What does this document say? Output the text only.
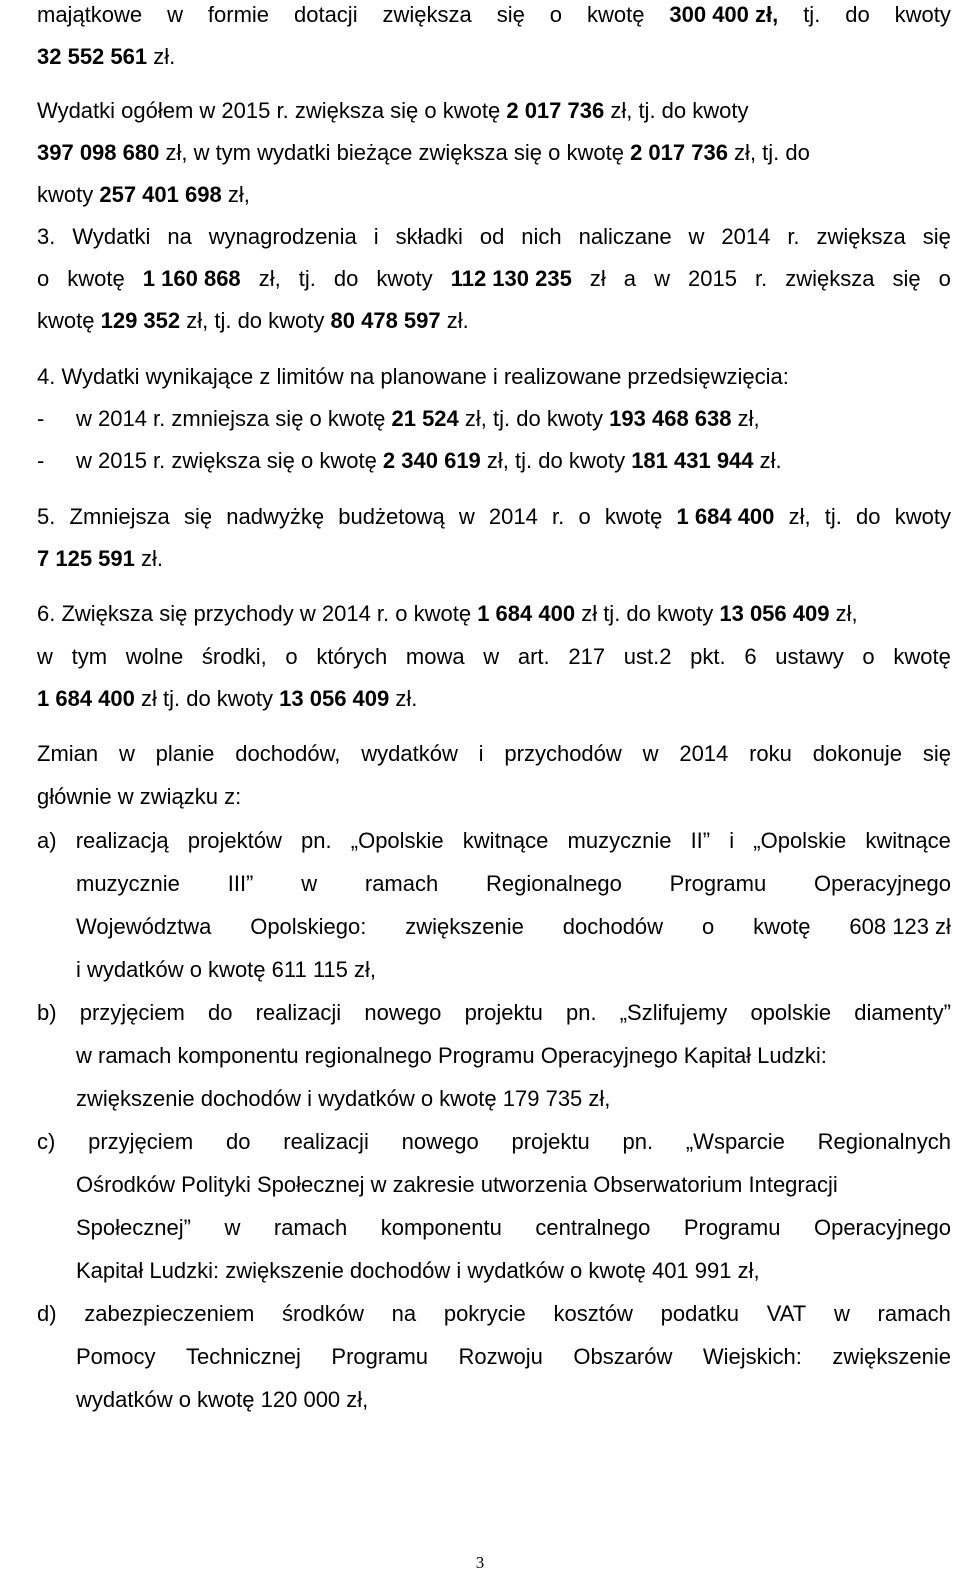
majątkowe w formie dotacji zwiększa się o kwotę 300 400 zł, tj. do kwoty
32 552 561 zł.
Wydatki ogółem w 2015 r. zwiększa się o kwotę 2 017 736 zł, tj. do kwoty
397 098 680 zł, w tym wydatki bieżące zwiększa się o kwotę 2 017 736 zł, tj. do
kwoty 257 401 698 zł,
3. Wydatki na wynagrodzenia i składki od nich naliczane w 2014 r. zwiększa się
o kwotę 1 160 868 zł, tj. do kwoty 112 130 235 zł a w 2015 r. zwiększa się o
kwotę 129 352 zł, tj. do kwoty 80 478 597 zł.
4. Wydatki wynikające z limitów na planowane i realizowane przedsięwzięcia:
- w 2014 r. zmniejsza się o kwotę 21 524 zł, tj. do kwoty 193 468 638 zł,
- w 2015 r. zwiększa się o kwotę 2 340 619 zł, tj. do kwoty 181 431 944 zł.
5. Zmniejsza się nadwyżkę budżetową w 2014 r. o kwotę 1 684 400 zł, tj. do kwoty
7 125 591 zł.
6. Zwiększa się przychody w 2014 r. o kwotę 1 684 400 zł tj. do kwoty 13 056 409 zł,
w tym wolne środki, o których mowa w art. 217 ust.2 pkt. 6 ustawy o kwotę
1 684 400 zł tj. do kwoty 13 056 409 zł.
Zmian w planie dochodów, wydatków i przychodów w 2014 roku dokonuje się
głównie w związku z:
a) realizacją projektów pn. „Opolskie kwitnące muzycznie II” i „Opolskie kwitnące
muzycznie III” w ramach Regionalnego Programu Operacyjnego
Województwa Opolskiego: zwiększenie dochodów o kwotę 608 123 zł
i wydatków o kwotę 611 115 zł,
b) przyjęciem do realizacji nowego projektu pn. „Szlifujemy opolskie diamenty”
w ramach komponentu regionalnego Programu Operacyjnego Kapitał Ludzki:
zwiększenie dochodów i wydatków o kwotę 179 735 zł,
c) przyjęciem do realizacji nowego projektu pn. „Wsparcie Regionalnych
Ośrodków Polityki Społecznej w zakresie utworzenia Obserwatorium Integracji
Społecznej” w ramach komponentu centralnego Programu Operacyjnego
Kapitał Ludzki: zwiększenie dochodów i wydatków o kwotę 401 991 zł,
d) zabezpieczeniem środków na pokrycie kosztów podatku VAT w ramach
Pomocy Technicznej Programu Rozwoju Obszarów Wiejskich: zwiększenie
wydatków o kwotę 120 000 zł,
3
